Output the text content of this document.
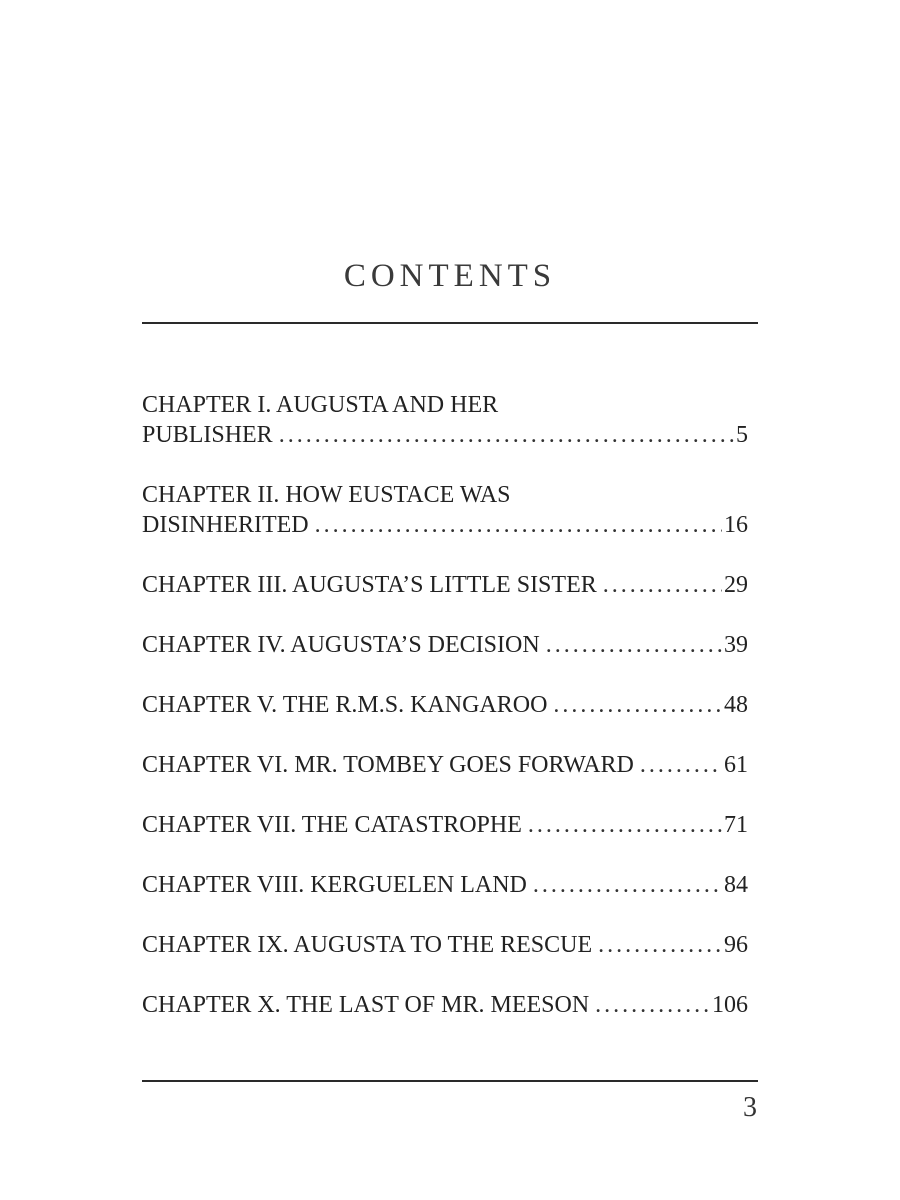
CONTENTS
CHAPTER I. AUGUSTA AND HER
PUBLISHER .....	5
CHAPTER II. HOW EUSTACE WAS
DISINHERITED .....	16
CHAPTER III. AUGUSTA’S LITTLE SISTER .....	29
CHAPTER IV. AUGUSTA’S DECISION .....	39
CHAPTER V. THE R.M.S. KANGAROO .....	48
CHAPTER VI. MR. TOMBEY GOES FORWARD .....	61
CHAPTER VII. THE CATASTROPHE .....	71
CHAPTER VIII. KERGUELEN LAND .....	84
CHAPTER IX. AUGUSTA TO THE RESCUE .....	96
CHAPTER X. THE LAST OF MR. MEESON .....	106
3
